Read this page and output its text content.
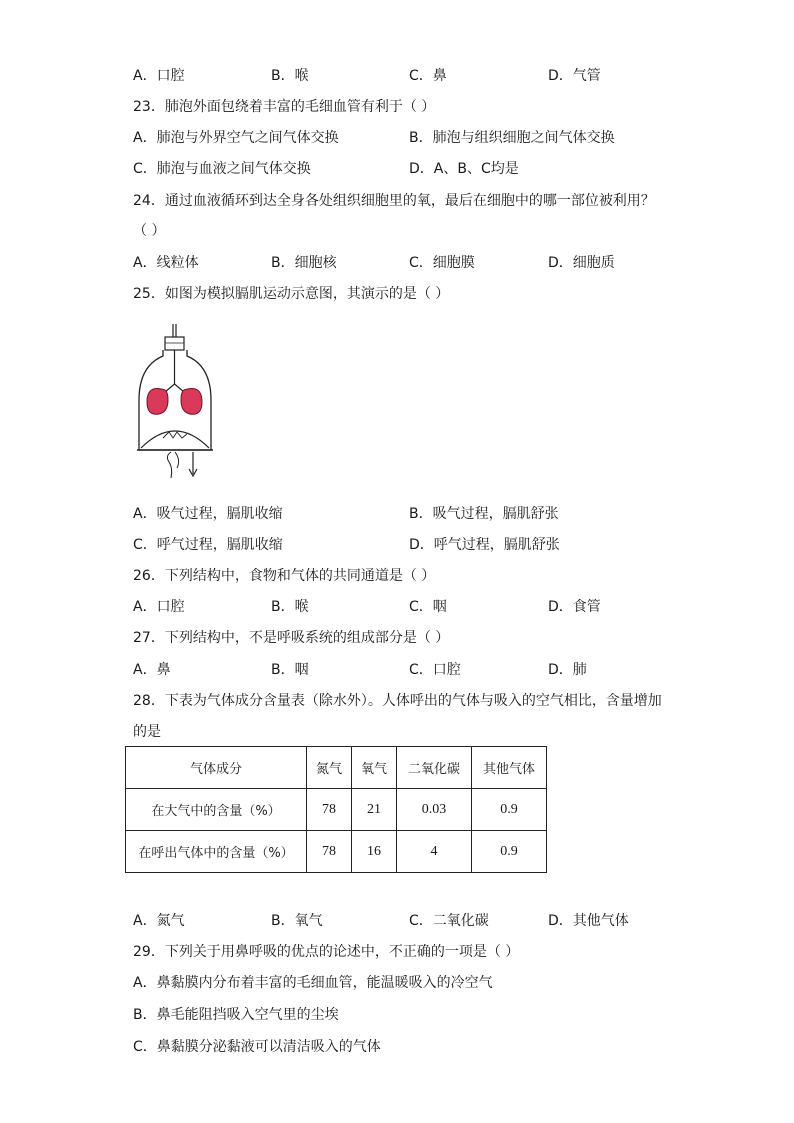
A．口腔	B．喉	C．鼻	D．气管
23．肺泡外面包绕着丰富的毛细血管有利于（ ）
A．肺泡与外界空气之间气体交换	B．肺泡与组织细胞之间气体交换
C．肺泡与血液之间气体交换	D．A、B、C均是
24．通过血液循环到达全身各处组织细胞里的氧，最后在细胞中的哪一部位被利用？
（ ）
A．线粒体	B．细胞核	C．细胞膜	D．细胞质
25．如图为模拟膈肌运动示意图，其演示的是（ ）
A．吸气过程，膈肌收缩	B．吸气过程，膈肌舒张
C．呼气过程，膈肌收缩	D．呼气过程，膈肌舒张
26．下列结构中，食物和气体的共同通道是（ ）
A．口腔	B．喉	C．咽	D．食管
27．下列结构中，不是呼吸系统的组成部分是（ ）
A．鼻	B．咽	C．口腔	D．肺
28．下表为气体成分含量表（除水外）。人体呼出的气体与吸入的空气相比，含量增加
的是
气体成分	氮气	氧气	二氧化碳	其他气体
在大气中的含量（%）	78	21	0.03	0.9
在呼出气体中的含量（%）	78	16	4	0.9
A．氮气	B．氧气	C．二氧化碳	D．其他气体
29．下列关于用鼻呼吸的优点的论述中，不正确的一项是（ ）
A．鼻黏膜内分布着丰富的毛细血管，能温暖吸入的冷空气
B．鼻毛能阻挡吸入空气里的尘埃
C．鼻黏膜分泌黏液可以清洁吸入的气体
